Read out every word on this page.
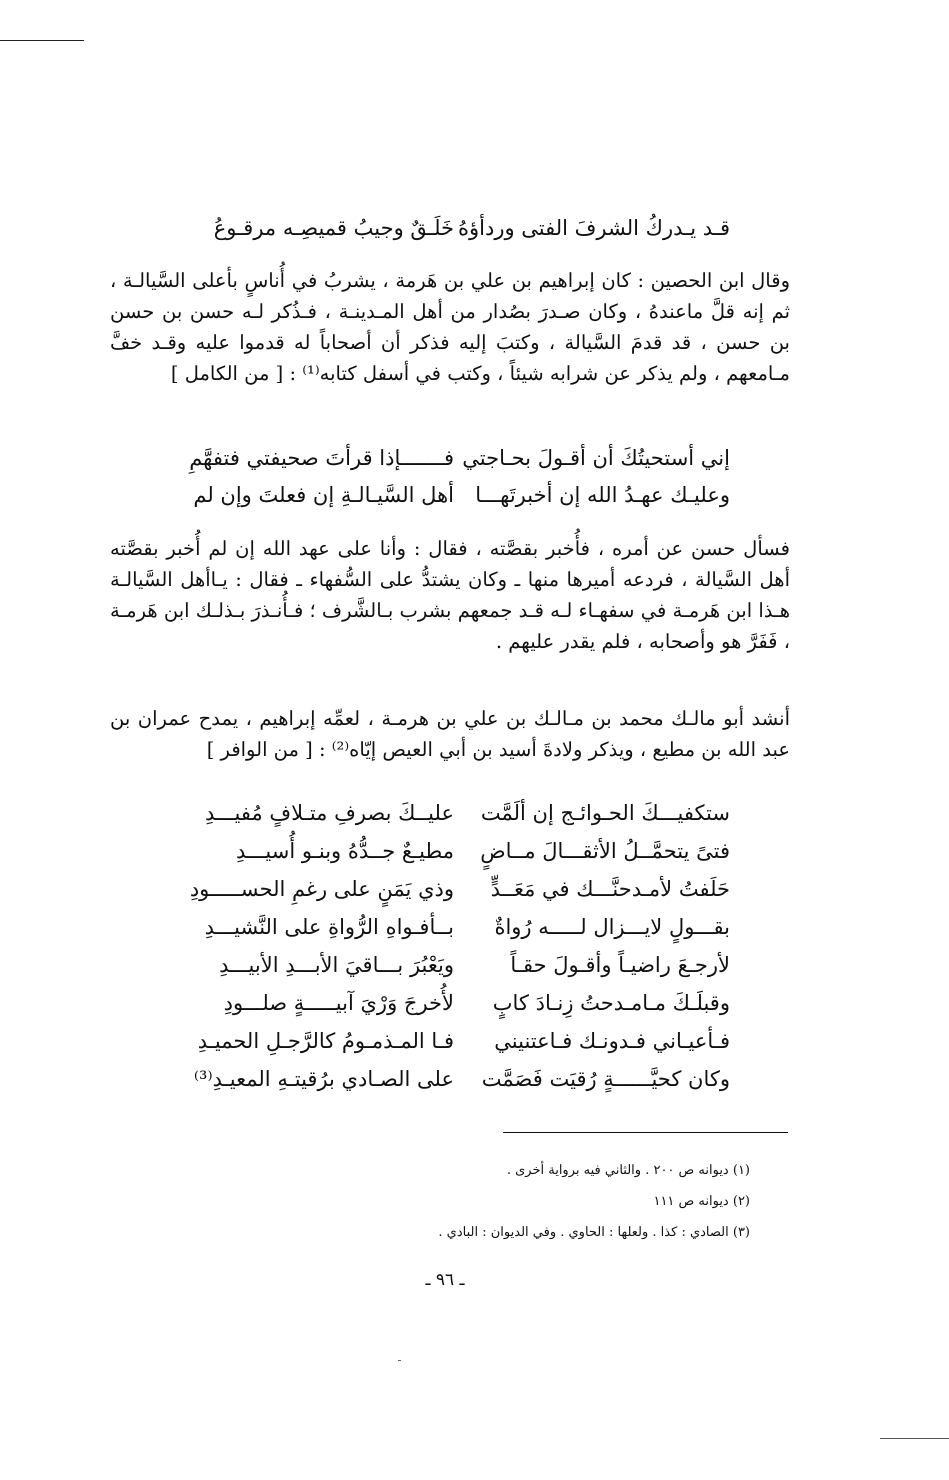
قـد يـدركُ الشرفَ الفتى وردأؤهُ
خَلَـقٌ وجيبُ قميصِـه مرقـوعُ
وقال ابن الحصين : كان إبراهيم بن علي بن هَرمة ، يشربُ في أُناسٍ بأعلى السَّيالـة ، ثم إنه قلَّ ماعندهُ ، وكان صـدرَ بصُدار من أهل المـدينـة ، فـذُكر لـه حسن بن حسن بن حسن ، قد قدمَ السَّيالة ، وكتبَ إليه فذكر أن أصحاباً له قدموا عليه وقـد خفَّ مـامعهم ، ولم يذكر عن شرابه شيئاً ، وكتب في أسفل كتابه⁽¹⁾ : [ من الكامل ]
إني أستحيتُكَ أن أقـولَ بحـاجتي
فـــــــإذا قرأتَ صحيفتي فتفهَّمِ
وعليـك عهـدُ الله إن أخبرتَهـــا
أهل السَّيـالـةِ إن فعلتَ وإن لم
فسأل حسن عن أمره ، فأُخبر بقصَّته ، فقال : وأنا على عهد الله إن لم أُخبر بقصَّته أهل السَّيالة ، فردعه أميرها منها ـ وكان يشتدُّ على السُّفهاء ـ فقال : يـاأهل السَّيالـة هـذا ابن هَرمـة في سفهـاء لـه قـد جمعهم بشرب بـالشَّرف ؛ فـأُنـذرَ بـذلـك ابن هَرمـة ، فَفَرَّ هو وأصحابه ، فلم يقدر عليهم .
أنشد أبو مالـك محمد بن مـالـك بن علي بن هرمـة ، لعمِّه إبراهيم ، يمدح عمران بن عبد الله بن مطيع ، ويذكر ولادةَ أسيد بن أبي العيص إيّاه⁽²⁾ : [ من الوافر ]
ستكفيـــكَ الحـوائـج إن ألَمَّت
عليــكَ بصرفِ متـلافٍ مُفيـــدِ
فتىً يتحمَّــلُ الأثقـــالَ مــاضٍ
مطيـعٌ جــدُّهُ وبنـو أُسيـــدِ
حَلَفتُ لأمـدحنَّـــك في مَعَــدٍّ
وذي يَمَنٍ على رغمِ الحســـــودِ
بقـــولٍ لايـــزال لـــــه رُواةٌ
بــأفـواهِ الرُّواةِ على النَّشيـــدِ
لأرجـعَ راضيـاً وأقـولَ حقـاً
ويَعْبُرَ بـــاقيَ الأبـــدِ الأبيـــدِ
وقبلَـكَ مـامـدحتُ زِنـادَ كابٍ
لأُخرجَ وَرْيَ آبيـــــةٍ صلـــودِ
فـأعيـاني فـدونـك فـاعتنيني
فـا المـذمـومُ كالرَّجـلِ الحميـدِ
وكان كحيَّــــــةٍ رُقيَت فَصَمَّت
على الصـادي برُقيتـهِ المعيـدِ⁽³⁾
(١) ديوانه ص ٢٠٠ . والثاني فيه برواية أخرى .
(٢) ديوانه ص ١١١
(٣) الصادي : كذا . ولعلها : الحاوي . وفي الديوان : البادي .
ـ ٩٦ ـ
